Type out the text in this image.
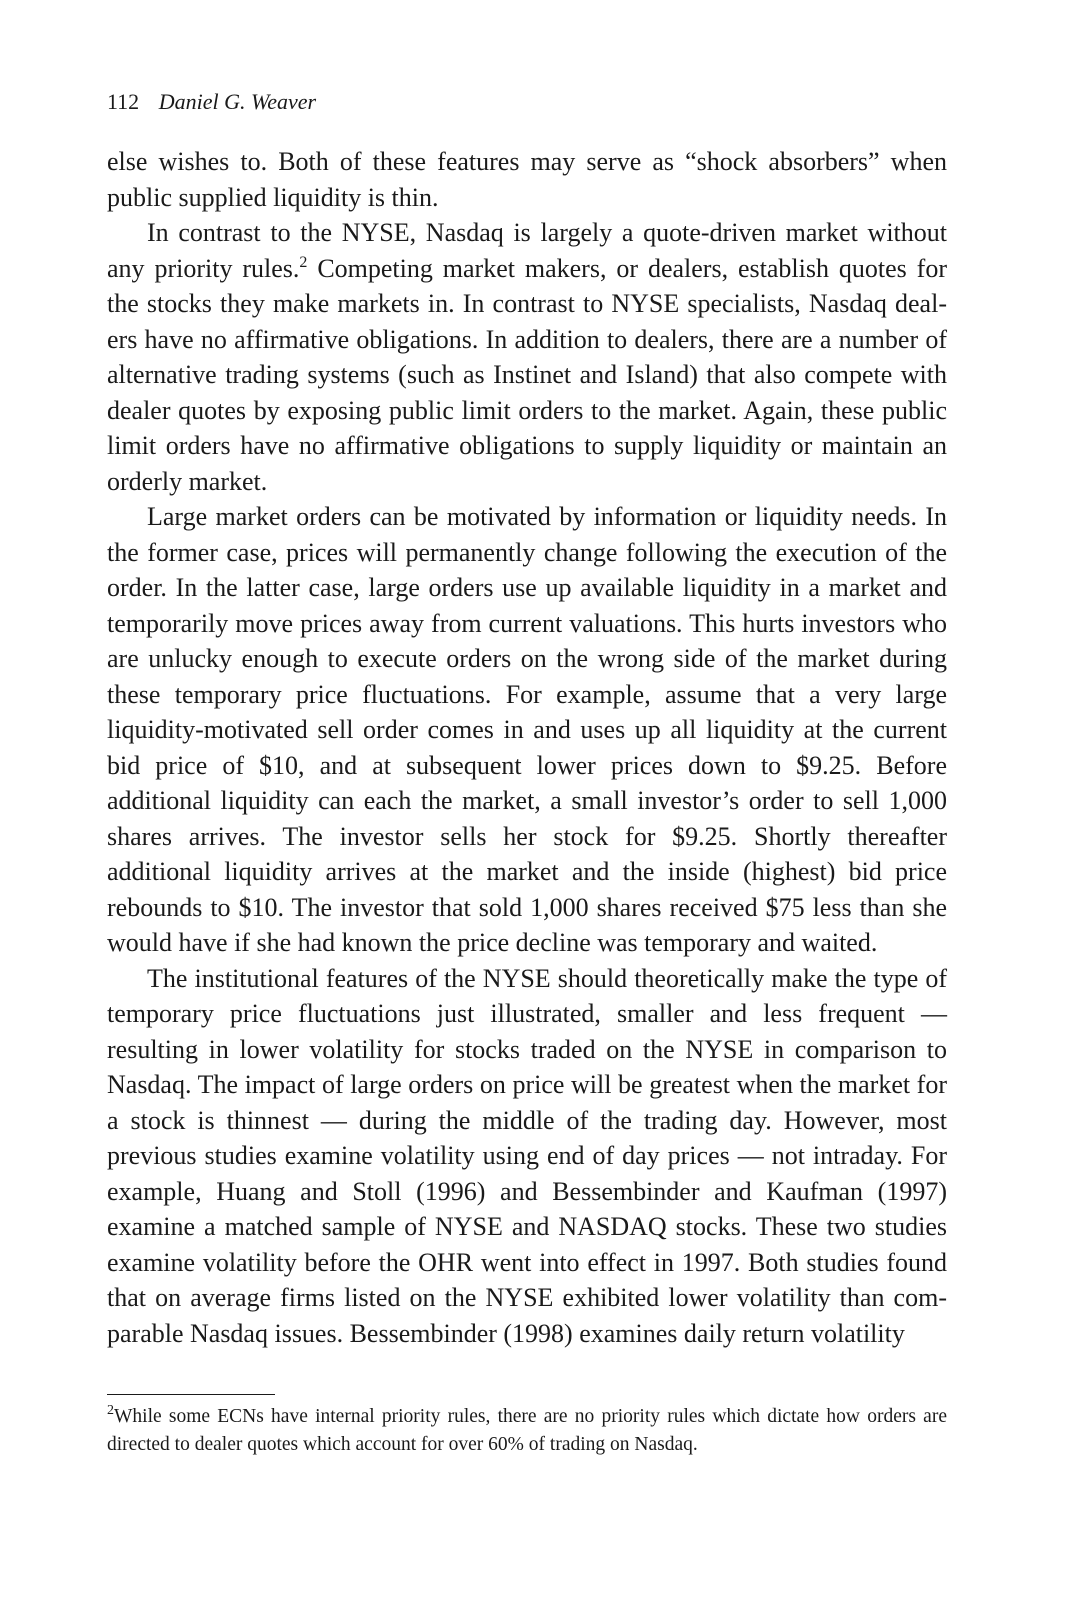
112 Daniel G. Weaver

else wishes to. Both of these features may serve as “shock absorbers” when public supplied liquidity is thin.

In contrast to the NYSE, Nasdaq is largely a quote-driven market without any priority rules.$^2$ Competing market makers, or dealers, establish quotes for the stocks they make markets in. In contrast to NYSE specialists, Nasdaq dealers have no affirmative obligations. In addition to dealers, there are a number of alternative trading systems (such as Instinet and Island) that also compete with dealer quotes by exposing public limit orders to the market. Again, these public limit orders have no affirmative obligations to supply liquidity or maintain an orderly market.

Large market orders can be motivated by information or liquidity needs. In the former case, prices will permanently change following the execution of the order. In the latter case, large orders use up available liquidity in a market and temporarily move prices away from current valuations. This hurts investors who are unlucky enough to execute orders on the wrong side of the market during these temporary price fluctuations. For example, assume that a very large liquidity-motivated sell order comes in and uses up all liquidity at the current bid price of $10, and at subsequent lower prices down to $9.25. Before additional liquidity can each the market, a small investor’s order to sell 1,000 shares arrives. The investor sells her stock for $9.25. Shortly thereafter additional liquidity arrives at the market and the inside (highest) bid price rebounds to $10. The investor that sold 1,000 shares received $75 less than she would have if she had known the price decline was temporary and waited.

The institutional features of the NYSE should theoretically make the type of temporary price fluctuations just illustrated, smaller and less frequent — resulting in lower volatility for stocks traded on the NYSE in comparison to Nasdaq. The impact of large orders on price will be greatest when the market for a stock is thinnest — during the middle of the trading day. However, most previous studies examine volatility using end of day prices — not intraday. For example, Huang and Stoll (1996) and Bessembinder and Kaufman (1997) examine a matched sample of NYSE and NASDAQ stocks. These two studies examine volatility before the OHR went into effect in 1997. Both studies found that on average firms listed on the NYSE exhibited lower volatility than comparable Nasdaq issues. Bessembinder (1998) examines daily return volatility

$^2$While some ECNs have internal priority rules, there are no priority rules which dictate how orders are directed to dealer quotes which account for over 60% of trading on Nasdaq.
